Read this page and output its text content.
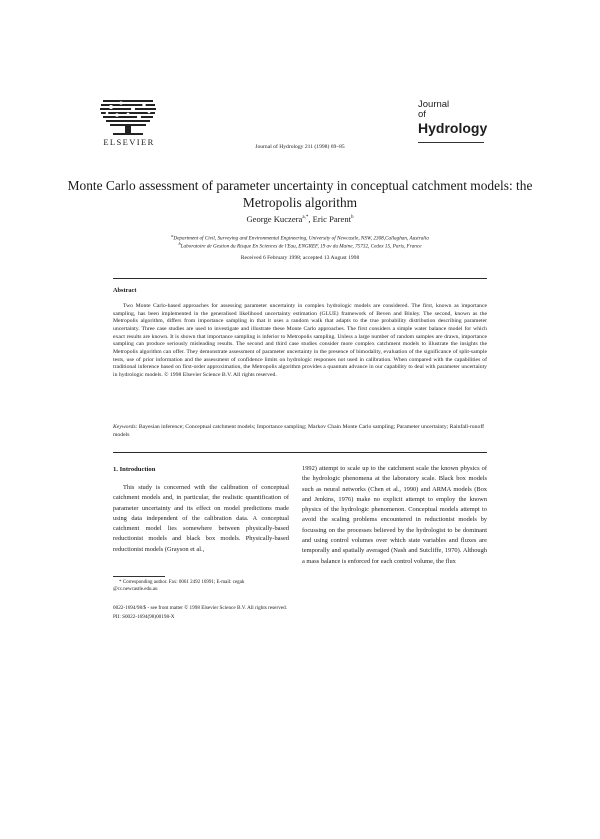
ELSEVIER
Journal
of
Hydrology
Journal of Hydrology 211 (1998) 69–85
Monte Carlo assessment of parameter uncertainty in conceptual catchment models: the Metropolis algorithm
George Kuczera$^{a,*}$, Eric Parent$^b$
$^a$Department of Civil, Surveying and Environmental Engineering, University of Newcastle, NSW, 2308,Callaghan, Australia
$^b$Laboratoire de Gestion du Risque En Sciences de l'Eau, ENGREF, 19 av du Maine, 75732, Cedex 15, Paris, France
Received 6 February 1998; accepted 13 August 1998
Abstract

Two Monte Carlo-based approaches for assessing parameter uncertainty in complex hydrologic models are considered. The first, known as importance sampling, has been implemented in the generalised likelihood uncertainty estimation (GLUE) framework of Beven and Binley. The second, known as the Metropolis algorithm, differs from importance sampling in that it uses a random walk that adapts to the true probability distribution describing parameter uncertainty. Three case studies are used to investigate and illustrate these Monte Carlo approaches. The first considers a simple water balance model for which exact results are known. It is shown that importance sampling is inferior to Metropolis sampling. Unless a large number of random samples are drawn, importance sampling can produce seriously misleading results. The second and third case studies consider more complex catchment models to illustrate the insights the Metropolis algorithm can offer. They demonstrate assessment of parameter uncertainty in the presence of bimodality, evaluation of the significance of split-sample tests, use of prior information and the assessment of confidence limits on hydrologic responses not used in calibration. When compared with the capabilities of traditional inference based on first-order approximation, the Metropolis algorithm provides a quantum advance in our capability to deal with parameter uncertainty in hydrologic models. © 1998 Elsevier Science B.V. All rights reserved.

Keywords: Bayesian inference; Conceptual catchment models; Importance sampling; Markov Chain Monte Carlo sampling; Parameter uncertainty; Rainfall-runoff models

1. Introduction

This study is concerned with the calibration of conceptual catchment models and, in particular, the realistic quantification of parameter uncertainty and its effect on model predictions made using data independent of the calibration data. A conceptual catchment model lies somewhere between physically-based reductionist models and black box models. Physically-based reductionist models (Grayson et al.,

1992) attempt to scale up to the catchment scale the known physics of the hydrologic phenomena at the laboratory scale. Black box models such as neural networks (Chen et al., 1990) and ARMA models (Box and Jenkins, 1976) make no explicit attempt to employ the known physics of the hydrologic phenomenon. Conceptual models attempt to avoid the scaling problems encountered in reductionist models by focussing on the processes believed by the hydrologist to be dominant and using control volumes over which state variables and fluxes are temporally and spatially averaged (Nash and Sutcliffe, 1970). Although a mass balance is enforced for each control volume, the flux

* Corresponding author. Fax: 0061 2492 16991; E-mail: cegak @cc.newcastle.edu.au

0022-1694/98/$ - see front matter © 1998 Elsevier Science B.V. All rights reserved.
PII: S0022-1694(98)00198-X
